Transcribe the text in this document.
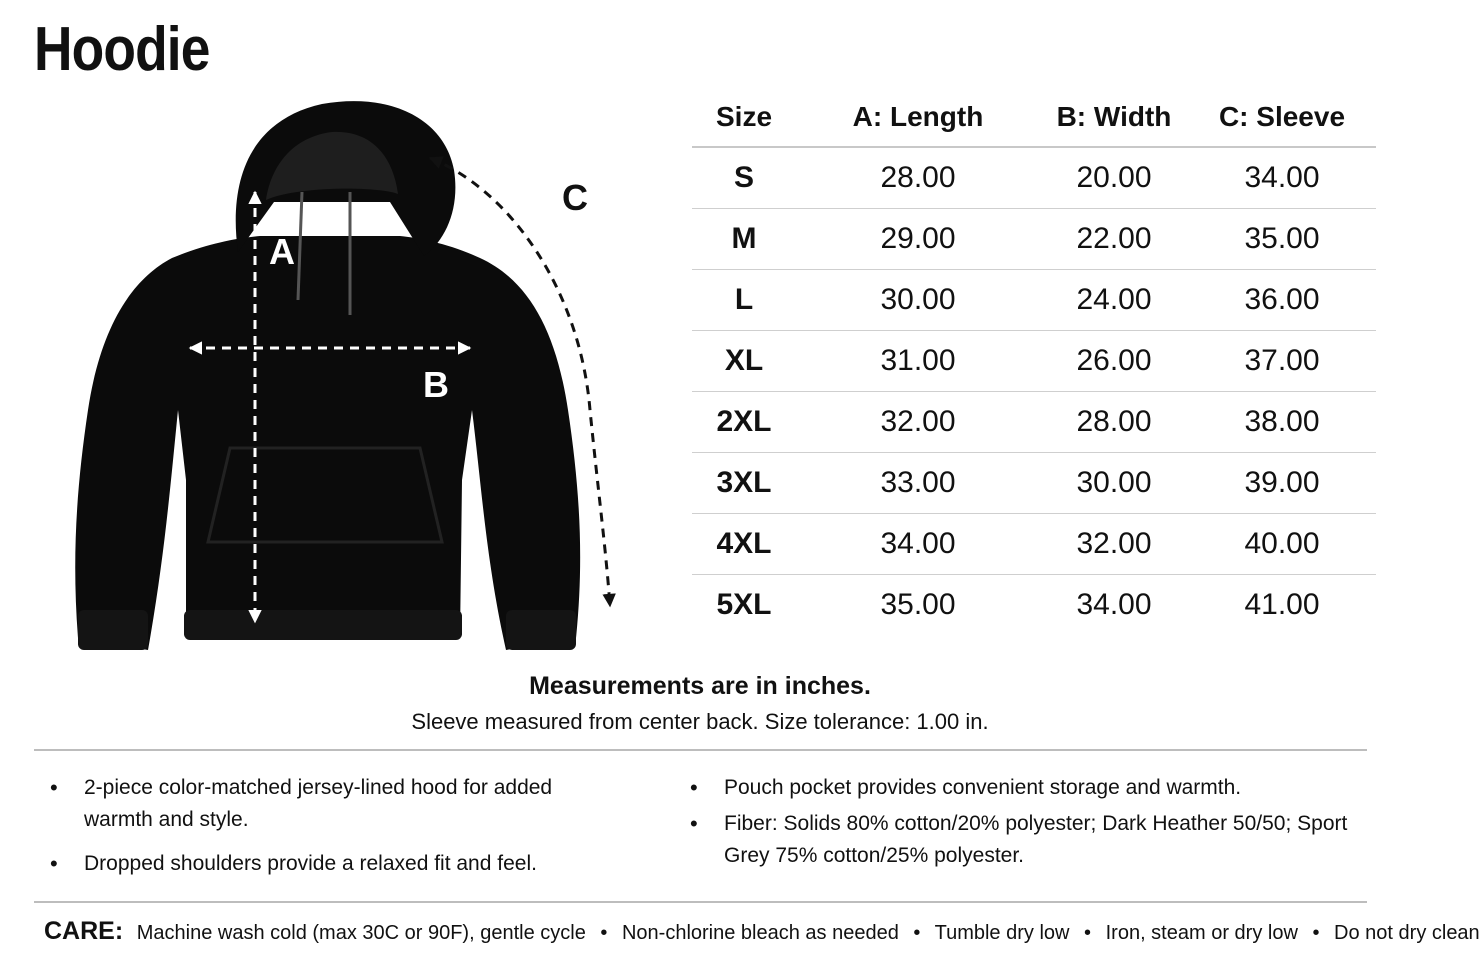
Hoodie
A
B
C
Size	A: Length	B: Width	C: Sleeve
S	28.00	20.00	34.00
M	29.00	22.00	35.00
L	30.00	24.00	36.00
XL	31.00	26.00	37.00
2XL	32.00	28.00	38.00
3XL	33.00	30.00	39.00
4XL	34.00	32.00	40.00
5XL	35.00	34.00	41.00
Measurements are in inches.
Sleeve measured from center back. Size tolerance: 1.00 in.
• 2-piece color-matched jersey-lined hood for added warmth and style.
• Dropped shoulders provide a relaxed fit and feel.
• Pouch pocket provides convenient storage and warmth.
• Fiber: Solids 80% cotton/20% polyester; Dark Heather 50/50; Sport Grey 75% cotton/25% polyester.
CARE: Machine wash cold (max 30C or 90F), gentle cycle • Non-chlorine bleach as needed • Tumble dry low • Iron, steam or dry low • Do not dry clean
